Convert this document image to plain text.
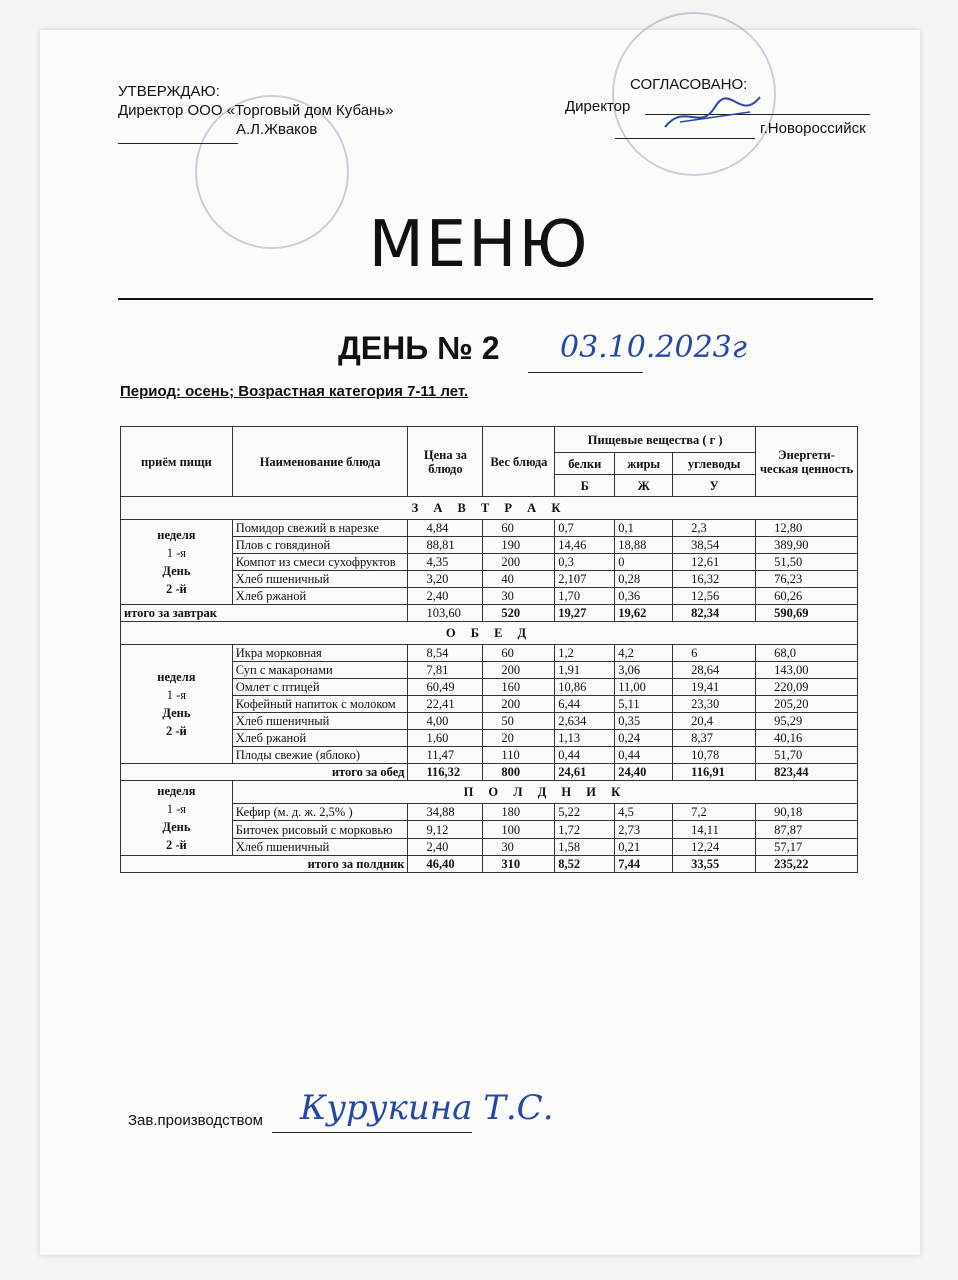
УТВЕРЖДАЮ:
Директор ООО «Торговый дом Кубань»
А.Л.Жваков
СОГЛАСОВАНО:
Директор
г.Новороссийск
МЕНЮ
ДЕНЬ № 2 03.10.2023г
Период: осень; Возрастная категория 7-11 лет.
приём пищи	Наименование блюда	Цена за блюдо	Вес блюда	Пищевые вещества ( г )			Энергети-ческая ценность
				белки	жиры	углеводы	
				Б	Ж	У	
З А В Т Р А К							

неделя
1 -я
День
2 -й	Помидор свежий в нарезке	4,84	60	0,7	0,1	2,3	12,80
	Плов с говядиной	88,81	190	14,46	18,88	38,54	389,90
	Компот из смеси сухофруктов	4,35	200	0,3	0	12,61	51,50
	Хлеб пшеничный	3,20	40	2,107	0,28	16,32	76,23
	Хлеб ржаной	2,40	30	1,70	0,36	12,56	60,26
итого за завтрак		103,60	520	19,27	19,62	82,34	590,69
О Б Е Д							

неделя
1 -я
День
2 -й	Икра морковная	8,54	60	1,2	4,2	6	68,0
	Суп с макаронами	7,81	200	1,91	3,06	28,64	143,00
	Омлет с птицей	60,49	160	10,86	11,00	19,41	220,09
	Кофейный напиток с молоком	22,41	200	6,44	5,11	23,30	205,20
	Хлеб пшеничный	4,00	50	2,634	0,35	20,4	95,29
	Хлеб ржаной	1,60	20	1,13	0,24	8,37	40,16
	Плоды свежие (яблоко)	11,47	110	0,44	0,44	10,78	51,70
итого за обед		116,32	800	24,61	24,40	116,91	823,44

неделя
1 -я
День
2 -й	П О Л Д Н И К						
	Кефир (м. д. ж. 2,5% )	34,88	180	5,22	4,5	7,2	90,18
	Биточек рисовый с морковью	9,12	100	1,72	2,73	14,11	87,87
	Хлеб пшеничный	2,40	30	1,58	0,21	12,24	57,17
итого за полдник		46,40	310	8,52	7,44	33,55	235,22
Зав.производством Курукина Т.С.
